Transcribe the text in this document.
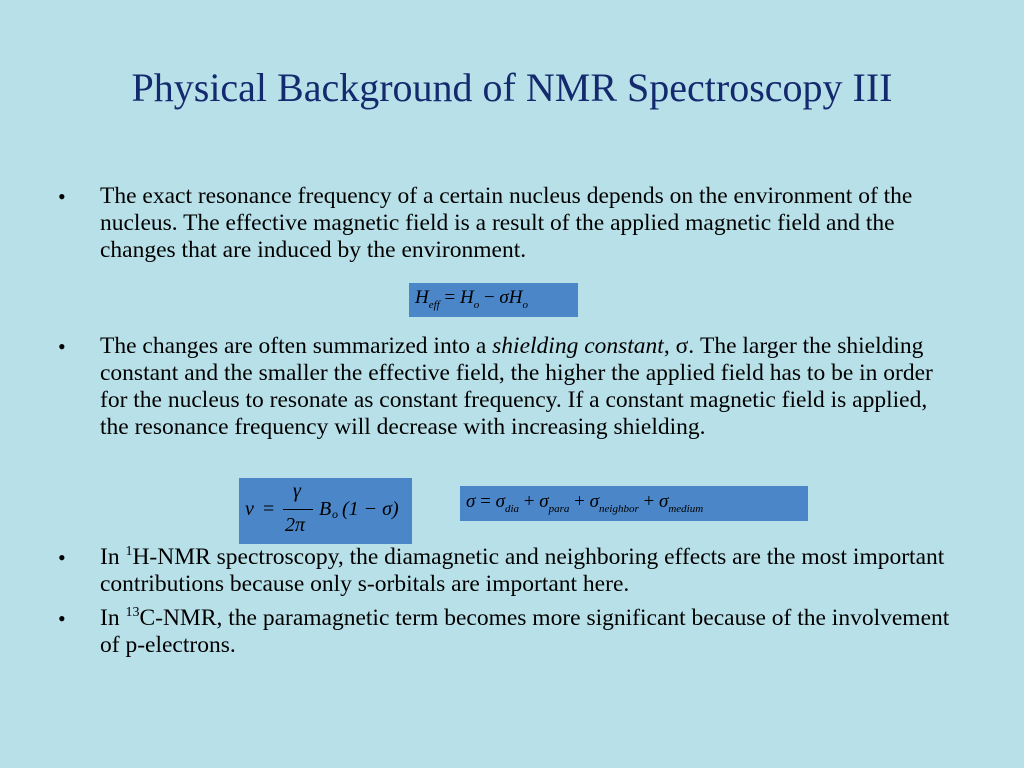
Physical Background of NMR Spectroscopy III
• The exact resonance frequency of a certain nucleus depends on the environment of the nucleus. The effective magnetic field is a result of the applied magnetic field and the changes that are induced by the environment.
$H_{eff} = H_o - \sigma H_o$
• The changes are often summarized into a shielding constant, σ. The larger the shielding constant and the smaller the effective field, the higher the applied field has to be in order for the nucleus to resonate as constant frequency. If a constant magnetic field is applied, the resonance frequency will decrease with increasing shielding.
ν =
γ
2π
B o (1 − σ)	$\sigma = \sigma_{dia} + \sigma_{para} + \sigma_{neighbor} + \sigma_{medium}$
• In $^1$H-NMR spectroscopy, the diamagnetic and neighboring effects are the most important contributions because only s-orbitals are important here.
• In $^{13}$C-NMR, the paramagnetic term becomes more significant because of the involvement of p-electrons.
